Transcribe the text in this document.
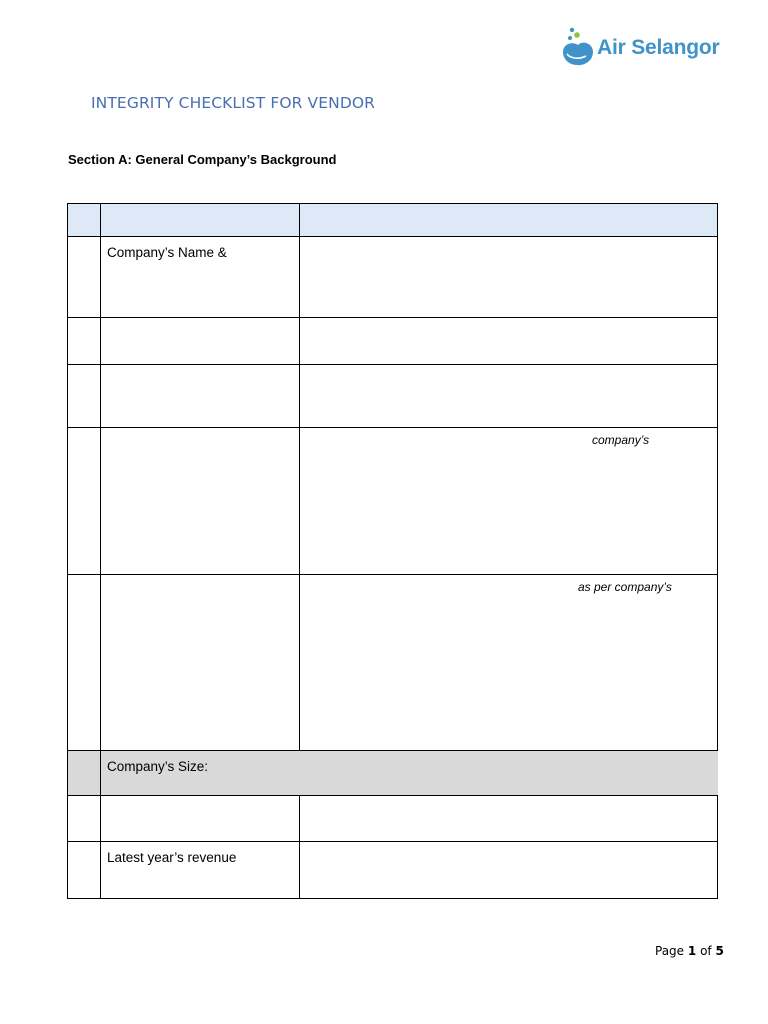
Air Selangor
INTEGRITY CHECKLIST FOR VENDOR
Section A: General Company’s Background

	Company’s Name &	

		company’s

		as per company’s

	Company’s Size:	

	Latest year’s revenue	

Page 1 of 5
